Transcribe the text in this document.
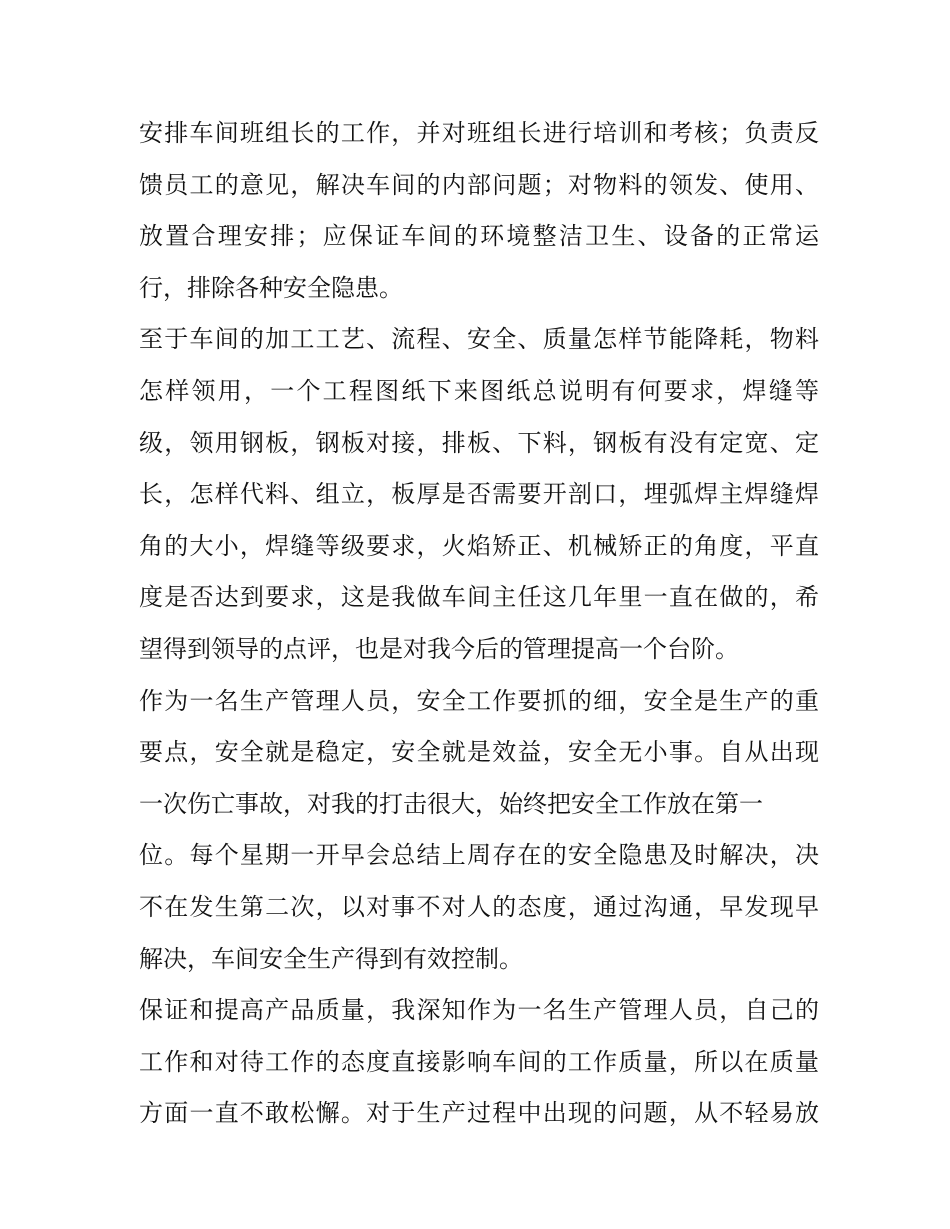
安排车间班组长的工作，并对班组长进行培训和考核；负责反
馈员工的意见，解决车间的内部问题；对物料的领发、使用、
放置合理安排；应保证车间的环境整洁卫生、设备的正常运
行，排除各种安全隐患。
至于车间的加工工艺、流程、安全、质量怎样节能降耗，物料
怎样领用，一个工程图纸下来图纸总说明有何要求，焊缝等
级，领用钢板，钢板对接，排板、下料，钢板有没有定宽、定
长，怎样代料、组立，板厚是否需要开剖口，埋弧焊主焊缝焊
角的大小，焊缝等级要求，火焰矫正、机械矫正的角度，平直
度是否达到要求，这是我做车间主任这几年里一直在做的，希
望得到领导的点评，也是对我今后的管理提高一个台阶。
作为一名生产管理人员，安全工作要抓的细，安全是生产的重
要点，安全就是稳定，安全就是效益，安全无小事。自从出现
一次伤亡事故，对我的打击很大，始终把安全工作放在第一
位。每个星期一开早会总结上周存在的安全隐患及时解决，决
不在发生第二次，以对事不对人的态度，通过沟通，早发现早
解决，车间安全生产得到有效控制。
保证和提高产品质量，我深知作为一名生产管理人员，自己的
工作和对待工作的态度直接影响车间的工作质量，所以在质量
方面一直不敢松懈。对于生产过程中出现的问题，从不轻易放
